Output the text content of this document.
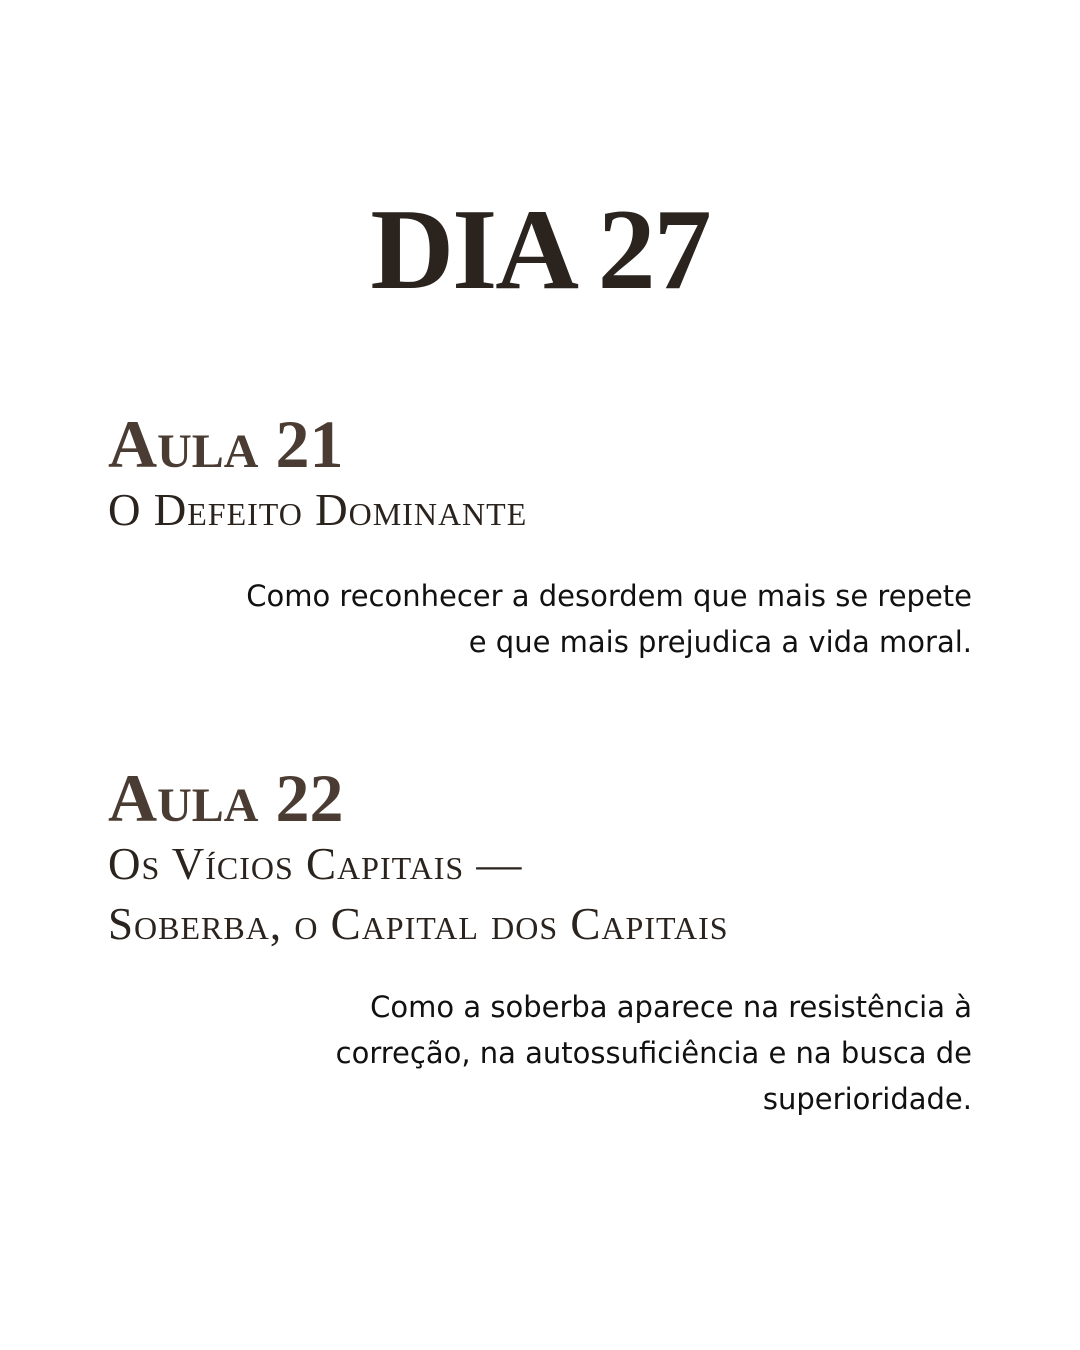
DIA 27
Aula 21

O Defeito Dominante

Como reconhecer a desordem que mais se repete e que mais prejudica a vida moral.

Aula 22

Os Vícios Capitais —

Soberba, o Capital dos Capitais

Como a soberba aparece na resistência à correção, na autossuficiência e na busca de superioridade.
